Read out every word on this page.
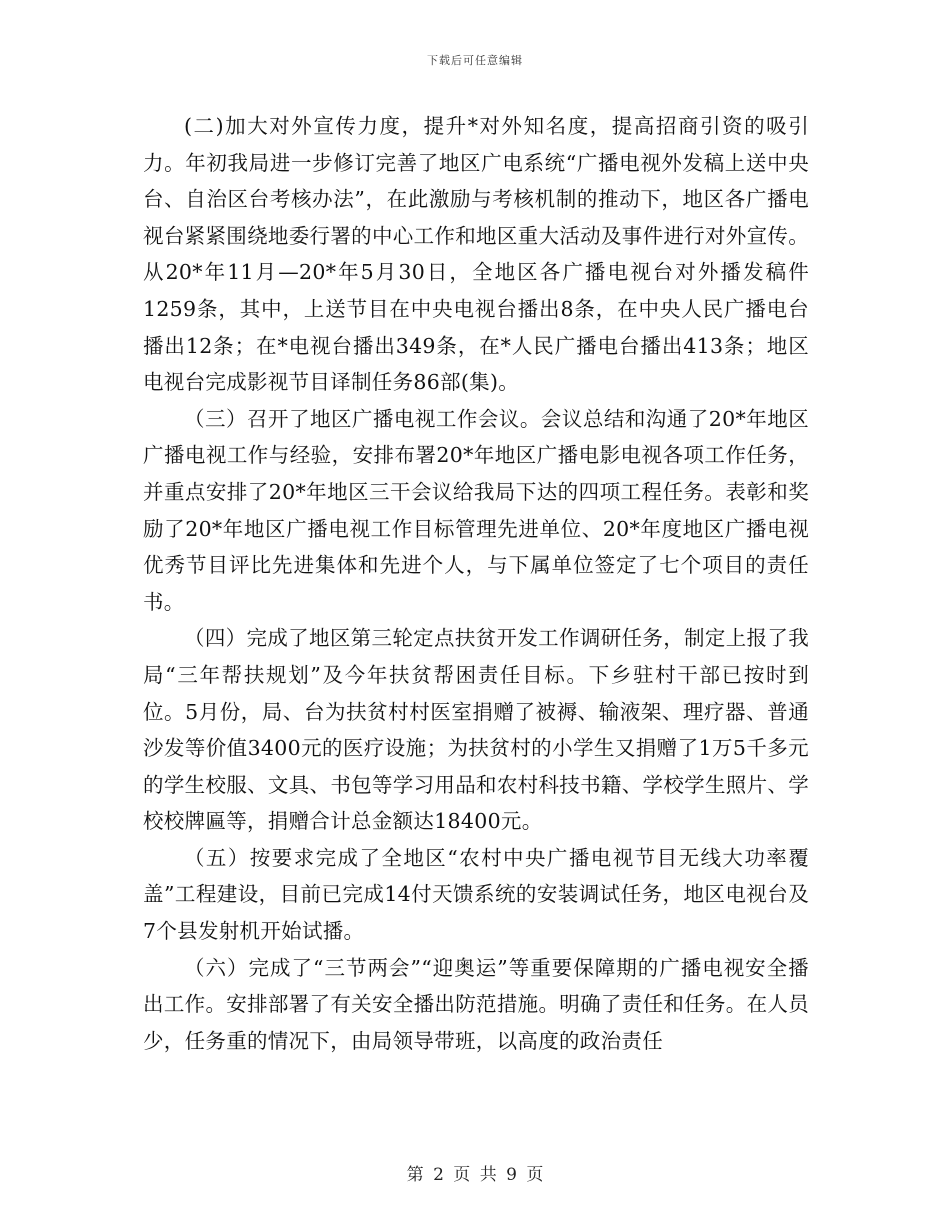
下载后可任意编辑

(二)加大对外宣传力度，提升*对外知名度，提高招商引资的吸引力。年初我局进一步修订完善了地区广电系统“广播电视外发稿上送中央台、自治区台考核办法”，在此激励与考核机制的推动下，地区各广播电视台紧紧围绕地委行署的中心工作和地区重大活动及事件进行对外宣传。从20*年11月—20*年5月30日，全地区各广播电视台对外播发稿件1259条，其中，上送节目在中央电视台播出8条，在中央人民广播电台播出12条；在*电视台播出349条，在*人民广播电台播出413条；地区电视台完成影视节目译制任务86部(集)。

（三）召开了地区广播电视工作会议。会议总结和沟通了20*年地区广播电视工作与经验，安排布署20*年地区广播电影电视各项工作任务，并重点安排了20*年地区三干会议给我局下达的四项工程任务。表彰和奖励了20*年地区广播电视工作目标管理先进单位、20*年度地区广播电视优秀节目评比先进集体和先进个人，与下属单位签定了七个项目的责任书。

（四）完成了地区第三轮定点扶贫开发工作调研任务，制定上报了我局“三年帮扶规划”及今年扶贫帮困责任目标。下乡驻村干部已按时到位。5月份，局、台为扶贫村村医室捐赠了被褥、输液架、理疗器、普通沙发等价值3400元的医疗设施；为扶贫村的小学生又捐赠了1万5千多元的学生校服、文具、书包等学习用品和农村科技书籍、学校学生照片、学校校牌匾等，捐赠合计总金额达18400元。

（五）按要求完成了全地区“农村中央广播电视节目无线大功率覆盖”工程建设，目前已完成14付天馈系统的安装调试任务，地区电视台及7个县发射机开始试播。

（六）完成了“三节两会”“迎奥运”等重要保障期的广播电视安全播出工作。安排部署了有关安全播出防范措施。明确了责任和任务。在人员少，任务重的情况下，由局领导带班，以高度的政治责任

第 2 页 共 9 页
